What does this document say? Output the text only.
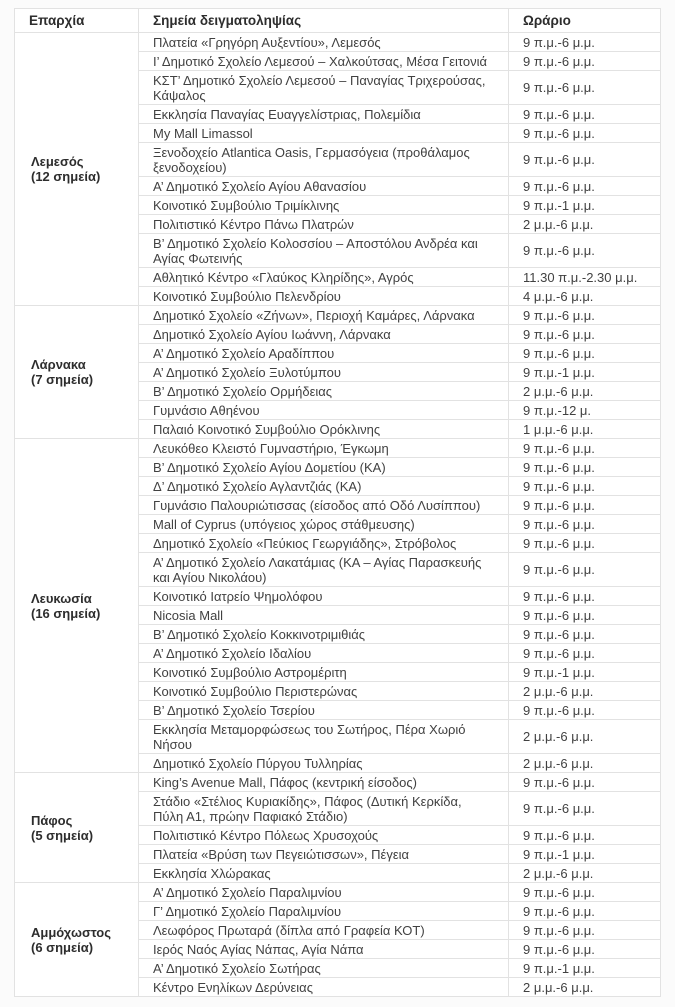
Επαρχία	Σημεία δειγματοληψίας	Ωράριο

Λεμεσός
(12 σημεία)	Πλατεία «Γρηγόρη Αυξεντίου», Λεμεσός	9 π.μ.-6 μ.μ.
	Ι’ Δημοτικό Σχολείο Λεμεσού – Χαλκούτσας, Μέσα Γειτονιά	9 π.μ.-6 μ.μ.
	ΚΣΤ’ Δημοτικό Σχολείο Λεμεσού – Παναγίας Τριχερούσας, Κάψαλος	9 π.μ.-6 μ.μ.
	Εκκλησία Παναγίας Ευαγγελίστριας, Πολεμίδια	9 π.μ.-6 μ.μ.
	My Mall Limassol	9 π.μ.-6 μ.μ.
	Ξενοδοχείο Atlantica Oasis, Γερμασόγεια (προθάλαμος ξενοδοχείου)	9 π.μ.-6 μ.μ.
	Α’ Δημοτικό Σχολείο Αγίου Αθανασίου	9 π.μ.-6 μ.μ.
	Κοινοτικό Συμβούλιο Τριμίκλινης	9 π.μ.-1 μ.μ.
	Πολιτιστικό Κέντρο Πάνω Πλατρών	2 μ.μ.-6 μ.μ.
	Β’ Δημοτικό Σχολείο Κολοσσίου – Αποστόλου Ανδρέα και Αγίας Φωτεινής	9 π.μ.-6 μ.μ.
	Αθλητικό Κέντρο «Γλαύκος Κληρίδης», Αγρός	11.30 π.μ.-2.30 μ.μ.
	Κοινοτικό Συμβούλιο Πελενδρίου	4 μ.μ.-6 μ.μ.

Λάρνακα
(7 σημεία)	Δημοτικό Σχολείο «Ζήνων», Περιοχή Καμάρες, Λάρνακα	9 π.μ.-6 μ.μ.
	Δημοτικό Σχολείο Αγίου Ιωάννη, Λάρνακα	9 π.μ.-6 μ.μ.
	Α’ Δημοτικό Σχολείο Αραδίππου	9 π.μ.-6 μ.μ.
	Α’ Δημοτικό Σχολείο Ξυλοτύμπου	9 π.μ.-1 μ.μ.
	Β’ Δημοτικό Σχολείο Ορμήδειας	2 μ.μ.-6 μ.μ.
	Γυμνάσιο Αθηένου	9 π.μ.-12 μ.
	Παλαιό Κοινοτικό Συμβούλιο Ορόκλινης	1 μ.μ.-6 μ.μ.

Λευκωσία
(16 σημεία)	Λευκόθεο Κλειστό Γυμναστήριο, Έγκωμη	9 π.μ.-6 μ.μ.
	Β’ Δημοτικό Σχολείο Αγίου Δομετίου (ΚΑ)	9 π.μ.-6 μ.μ.
	Δ’ Δημοτικό Σχολείο Αγλαντζιάς (ΚΑ)	9 π.μ.-6 μ.μ.
	Γυμνάσιο Παλουριώτισσας (είσοδος από Οδό Λυσίππου)	9 π.μ.-6 μ.μ.
	Mall of Cyprus (υπόγειος χώρος στάθμευσης)	9 π.μ.-6 μ.μ.
	Δημοτικό Σχολείο «Πεύκιος Γεωργιάδης», Στρόβολος	9 π.μ.-6 μ.μ.
	Α’ Δημοτικό Σχολείο Λακατάμιας (ΚΑ – Αγίας Παρασκευής και Αγίου Νικολάου)	9 π.μ.-6 μ.μ.
	Κοινοτικό Ιατρείο Ψημολόφου	9 π.μ.-6 μ.μ.
	Nicosia Mall	9 π.μ.-6 μ.μ.
	Β’ Δημοτικό Σχολείο Κοκκινοτριμιθιάς	9 π.μ.-6 μ.μ.
	Α’ Δημοτικό Σχολείο Ιδαλίου	9 π.μ.-6 μ.μ.
	Κοινοτικό Συμβούλιο Αστρομέριτη	9 π.μ.-1 μ.μ.
	Κοινοτικό Συμβούλιο Περιστερώνας	2 μ.μ.-6 μ.μ.
	Β’ Δημοτικό Σχολείο Τσερίου	9 π.μ.-6 μ.μ.
	Εκκλησία Μεταμορφώσεως του Σωτήρος, Πέρα Χωριό Νήσου	2 μ.μ.-6 μ.μ.
	Δημοτικό Σχολείο Πύργου Τυλληρίας	2 μ.μ.-6 μ.μ.

Πάφος
(5 σημεία)	King’s Avenue Mall, Πάφος (κεντρική είσοδος)	9 π.μ.-6 μ.μ.
	Στάδιο «Στέλιος Κυριακίδης», Πάφος (Δυτική Κερκίδα, Πύλη Α1, πρώην Παφιακό Στάδιο)	9 π.μ.-6 μ.μ.
	Πολιτιστικό Κέντρο Πόλεως Χρυσοχούς	9 π.μ.-6 μ.μ.
	Πλατεία «Βρύση των Πεγειώτισσων», Πέγεια	9 π.μ.-1 μ.μ.
	Εκκλησία Χλώρακας	2 μ.μ.-6 μ.μ.

Αμμόχωστος
(6 σημεία)	Α’ Δημοτικό Σχολείο Παραλιμνίου	9 π.μ.-6 μ.μ.
	Γ’ Δημοτικό Σχολείο Παραλιμνίου	9 π.μ.-6 μ.μ.
	Λεωφόρος Πρωταρά (δίπλα από Γραφεία ΚΟΤ)	9 π.μ.-6 μ.μ.
	Ιερός Ναός Αγίας Νάπας, Αγία Νάπα	9 π.μ.-6 μ.μ.
	Α’ Δημοτικό Σχολείο Σωτήρας	9 π.μ.-1 μ.μ.
	Κέντρο Ενηλίκων Δερύνειας	2 μ.μ.-6 μ.μ.
